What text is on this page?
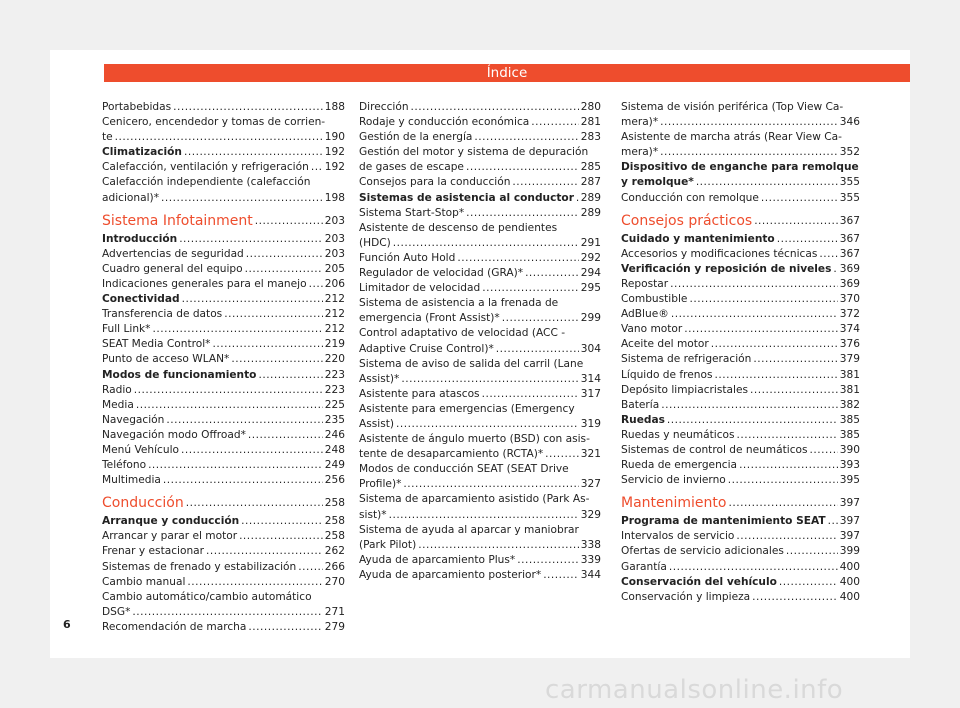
Índice
Portabebidas .....	188
Cenicero, encendedor y tomas de corrien-
te .....	190
Climatización .....	192
Calefacción, ventilación y refrigeración ..... 192
Calefacción independiente (calefacción
adicional)* .....	198
Sistema Infotainment .....	203
Introducción .....	203
Advertencias de seguridad .....	203
Cuadro general del equipo .....	205
Indicaciones generales para el manejo ..... 206
Conectividad .....	212
Transferencia de datos .....	212
Full Link* .....	212
SEAT Media Control* .....	219
Punto de acceso WLAN* .....	220
Modos de funcionamiento .....	223
Radio .....	223
Media .....	225
Navegación .....	235
Navegación modo Offroad* .....	246
Menú Vehículo .....	248
Teléfono .....	249
Multimedia .....	256
Conducción .....	258
Arranque y conducción .....	258
Arrancar y parar el motor .....	258
Frenar y estacionar .....	262
Sistemas de frenado y estabilización .....	266
Cambio manual .....	270
Cambio automático/cambio automático
DSG* .....	271
Recomendación de marcha .....	279
Dirección .....	280
Rodaje y conducción económica .....	281
Gestión de la energía .....	283
Gestión del motor y sistema de depuración
de gases de escape .....	285
Consejos para la conducción .....	287
Sistemas de asistencia al conductor ..... 289
Sistema Start-Stop* .....	289
Asistente de descenso de pendientes
(HDC) .....	291
Función Auto Hold .....	292
Regulador de velocidad (GRA)* .....	294
Limitador de velocidad .....	295
Sistema de asistencia a la frenada de
emergencia (Front Assist)* .....	299
Control adaptativo de velocidad (ACC -
Adaptive Cruise Control)* .....	304
Sistema de aviso de salida del carril (Lane
Assist)* .....	314
Asistente para atascos .....	317
Asistente para emergencias (Emergency
Assist) .....	319
Asistente de ángulo muerto (BSD) con asis-
tente de desaparcamiento (RCTA)* .....	321
Modos de conducción SEAT (SEAT Drive
Profile)* .....	327
Sistema de aparcamiento asistido (Park As-
sist)* .....	329
Sistema de ayuda al aparcar y maniobrar
(Park Pilot) .....	338
Ayuda de aparcamiento Plus* .....	339
Ayuda de aparcamiento posterior* .....	344
Sistema de visión periférica (Top View Ca-
mera)* .....	346
Asistente de marcha atrás (Rear View Ca-
mera)* .....	352
Dispositivo de enganche para remolque
y remolque* .....	355
Conducción con remolque .....	355
Consejos prácticos .....	367
Cuidado y mantenimiento .....	367
Accesorios y modificaciones técnicas ..... 367
Verificación y reposición de niveles ..... 369
Repostar .....	369
Combustible .....	370
AdBlue® .....	372
Vano motor .....	374
Aceite del motor .....	376
Sistema de refrigeración .....	379
Líquido de frenos .....	381
Depósito limpiacristales .....	381
Batería .....	382
Ruedas .....	385
Ruedas y neumáticos .....	385
Sistemas de control de neumáticos .....	390
Rueda de emergencia .....	393
Servicio de invierno .....	395
Mantenimiento .....	397
Programa de mantenimiento SEAT ..... 397
Intervalos de servicio .....	397
Ofertas de servicio adicionales .....	399
Garantía .....	400
Conservación del vehículo .....	400
Conservación y limpieza .....	400
6
carmanualsonline.info
